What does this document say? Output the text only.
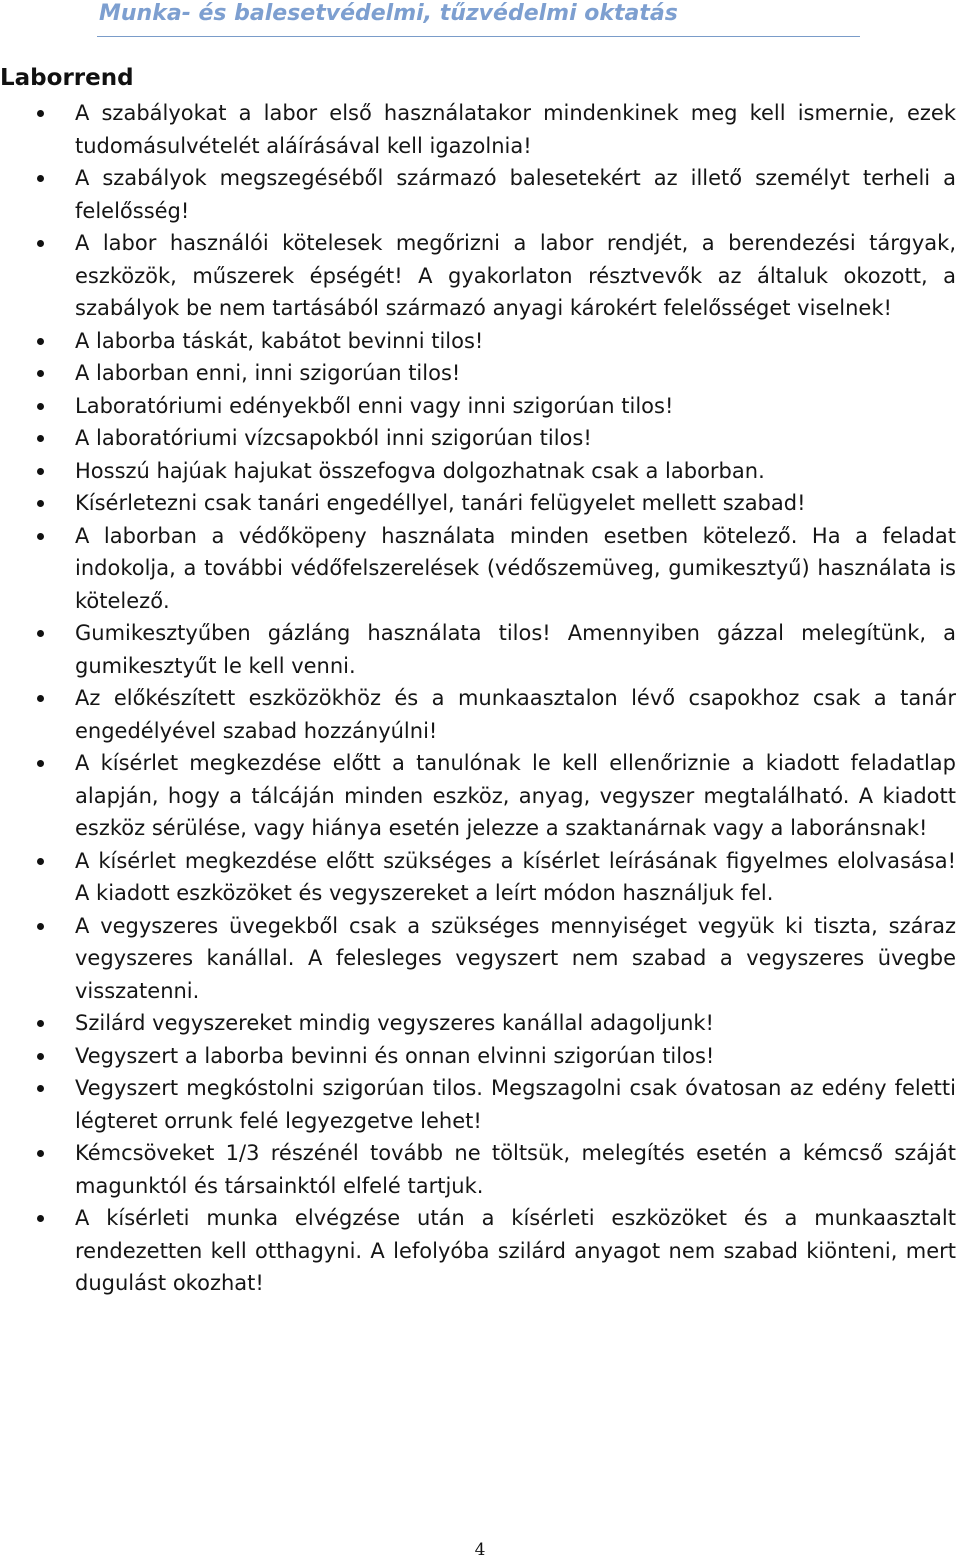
Munka- és balesetvédelmi, tűzvédelmi oktatás
Laborrend
A szabályokat a labor első használatakor mindenkinek meg kell ismernie, ezek tudomásulvételét aláírásával kell igazolnia!
A szabályok megszegéséből származó balesetekért az illető személyt terheli a felelősség!
A labor használói kötelesek megőrizni a labor rendjét, a berendezési tárgyak, eszközök, műszerek épségét! A gyakorlaton résztvevők az általuk okozott, a szabályok be nem tartásából származó anyagi károkért felelősséget viselnek!
A laborba táskát, kabátot bevinni tilos!
A laborban enni, inni szigorúan tilos!
Laboratóriumi edényekből enni vagy inni szigorúan tilos!
A laboratóriumi vízcsapokból inni szigorúan tilos!
Hosszú hajúak hajukat összefogva dolgozhatnak csak a laborban.
Kísérletezni csak tanári engedéllyel, tanári felügyelet mellett szabad!
A laborban a védőköpeny használata minden esetben kötelező. Ha a feladat indokolja, a további védőfelszerelések (védőszemüveg, gumikesztyű) használata is kötelező.
Gumikesztyűben gázláng használata tilos! Amennyiben gázzal melegítünk, a gumikesztyűt le kell venni.
Az előkészített eszközökhöz és a munkaasztalon lévő csapokhoz csak a tanár engedélyével szabad hozzányúlni!
A kísérlet megkezdése előtt a tanulónak le kell ellenőriznie a kiadott feladatlap alapján, hogy a tálcáján minden eszköz, anyag, vegyszer megtalálható. A kiadott eszköz sérülése, vagy hiánya esetén jelezze a szaktanárnak vagy a laboránsnak!
A kísérlet megkezdése előtt szükséges a kísérlet leírásának figyelmes elolvasása! A kiadott eszközöket és vegyszereket a leírt módon használjuk fel.
A vegyszeres üvegekből csak a szükséges mennyiséget vegyük ki tiszta, száraz vegyszeres kanállal. A felesleges vegyszert nem szabad a vegyszeres üvegbe visszatenni.
Szilárd vegyszereket mindig vegyszeres kanállal adagoljunk!
Vegyszert a laborba bevinni és onnan elvinni szigorúan tilos!
Vegyszert megkóstolni szigorúan tilos. Megszagolni csak óvatosan az edény feletti légteret orrunk felé legyezgetve lehet!
Kémcsöveket 1/3 részénél tovább ne töltsük, melegítés esetén a kémcső száját magunktól és társainktól elfelé tartjuk.
A kísérleti munka elvégzése után a kísérleti eszközöket és a munkaasztalt rendezetten kell otthagyni. A lefolyóba szilárd anyagot nem szabad kiönteni, mert dugulást okozhat!
4
